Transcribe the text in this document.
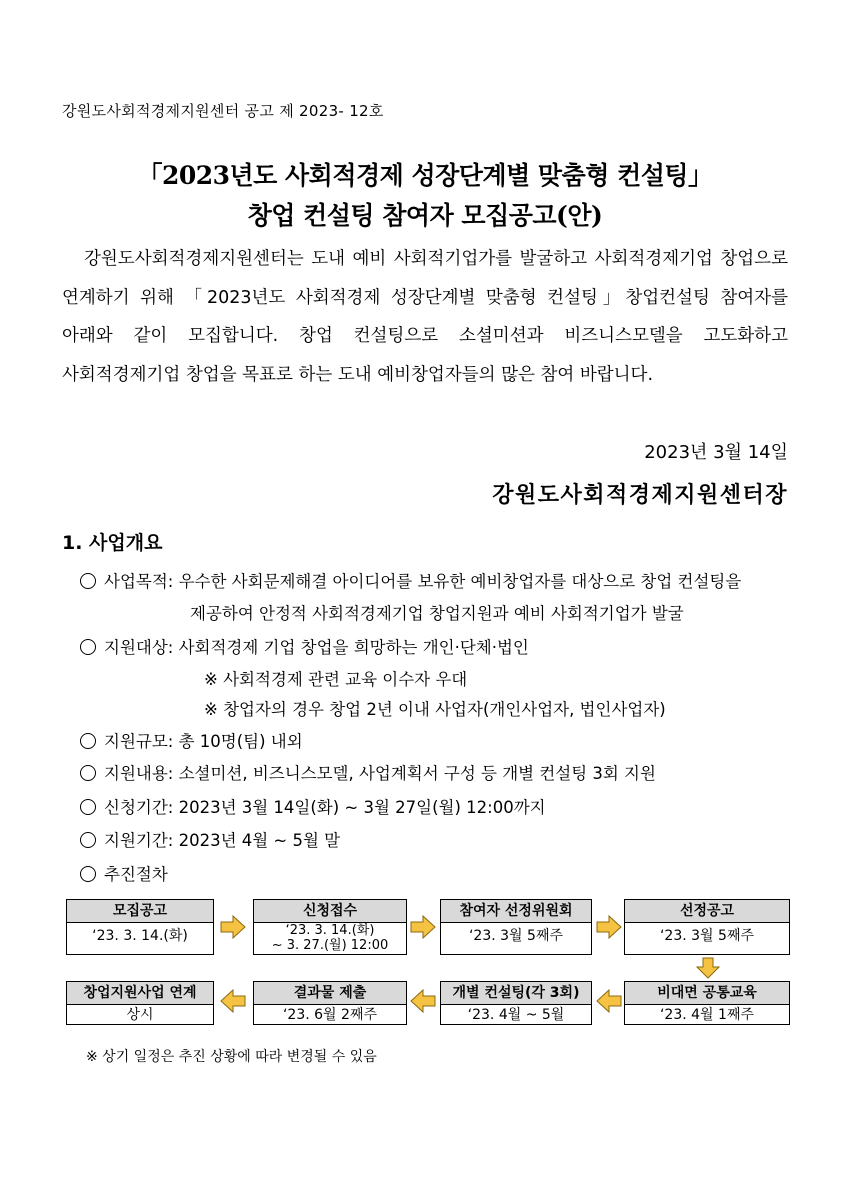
강원도사회적경제지원센터 공고 제 2023- 12호
「2023년도 사회적경제 성장단계별 맞춤형 컨설팅」
창업 컨설팅 참여자 모집공고(안)

강원도사회적경제지원센터는 도내 예비 사회적기업가를 발굴하고 사회적경제기업 창업으로 연계하기 위해 「2023년도 사회적경제 성장단계별 맞춤형 컨설팅」창업컨설팅 참여자를 아래와 같이 모집합니다. 창업 컨설팅으로 소셜미션과 비즈니스모델을 고도화하고 사회적경제기업 창업을 목표로 하는 도내 예비창업자들의 많은 참여 바랍니다.

2023년 3월 14일
강원도사회적경제지원센터장
1. 사업개요
사업목적: 우수한 사회문제해결 아이디어를 보유한 예비창업자를 대상으로 창업 컨설팅을
제공하여 안정적 사회적경제기업 창업지원과 예비 사회적기업가 발굴
지원대상: 사회적경제 기업 창업을 희망하는 개인·단체·법인
※ 사회적경제 관련 교육 이수자 우대
※ 창업자의 경우 창업 2년 이내 사업자(개인사업자, 법인사업자)
지원규모: 총 10명(팀) 내외
지원내용: 소셜미션, 비즈니스모델, 사업계획서 구성 등 개별 컨설팅 3회 지원
신청기간: 2023년 3월 14일(화) ~ 3월 27일(월) 12:00까지
지원기간: 2023년 4월 ~ 5월 말
추진절차
모집공고
‘23. 3. 14.(화)
신청접수
‘23. 3. 14.(화)
~ 3. 27.(월) 12:00
참여자 선정위원회
‘23. 3월 5째주
선정공고
‘23. 3월 5째주
창업지원사업 연계
상시
결과물 제출
‘23. 6월 2째주
개별 컨설팅(각 3회)
‘23. 4월 ~ 5월
비대면 공통교육
‘23. 4월 1째주
※ 상기 일정은 추진 상황에 따라 변경될 수 있음
